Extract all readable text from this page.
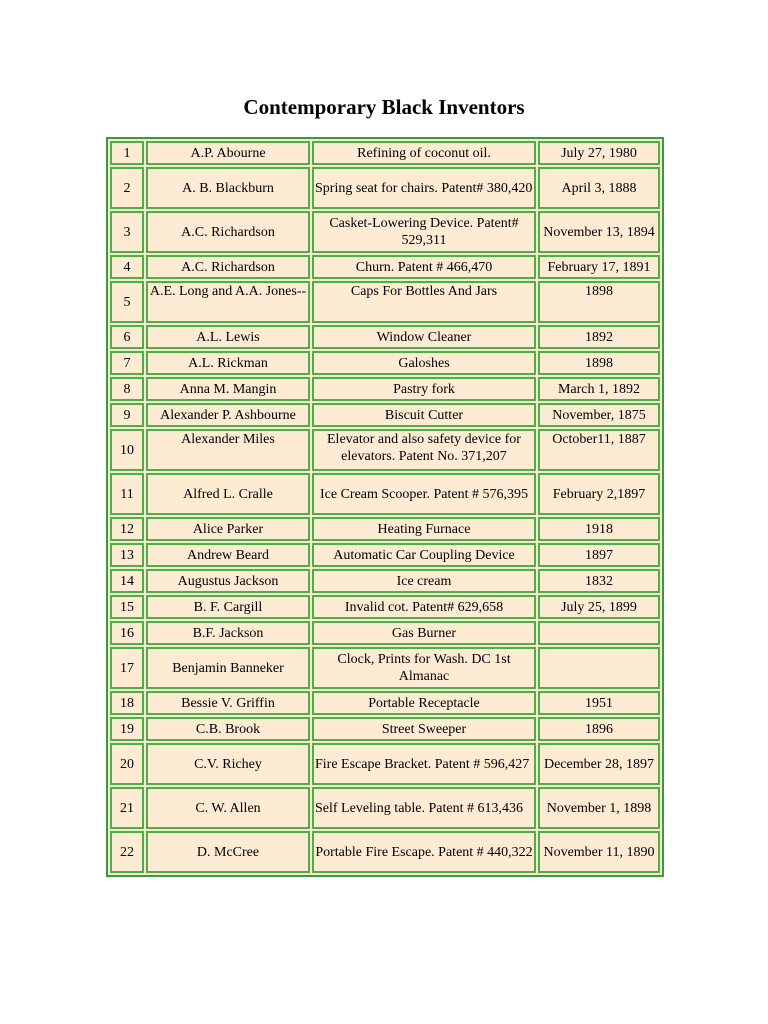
Contemporary Black Inventors
1	A.P. Abourne	Refining of coconut oil.	July 27, 1980
2	A. B. Blackburn	Spring seat for chairs. Patent# 380,420	April 3, 1888
3	A.C. Richardson	Casket-Lowering Device. Patent# 529,311	November 13, 1894
4	A.C. Richardson	Churn. Patent # 466,470	February 17, 1891
5	A.E. Long and A.A. Jones--	Caps For Bottles And Jars	1898
6	A.L. Lewis	Window Cleaner	1892
7	A.L. Rickman	Galoshes	1898
8	Anna M. Mangin	Pastry fork	March 1, 1892
9	Alexander P. Ashbourne	Biscuit Cutter	November, 1875
10	Alexander Miles	Elevator and also safety device for elevators. Patent No. 371,207	October11, 1887
11	Alfred L. Cralle	Ice Cream Scooper. Patent # 576,395	February 2,1897
12	Alice Parker	Heating Furnace	1918
13	Andrew Beard	Automatic Car Coupling Device	1897
14	Augustus Jackson	Ice cream	1832
15	B. F. Cargill	Invalid cot. Patent# 629,658	July 25, 1899
16	B.F. Jackson	Gas Burner	
17	Benjamin Banneker	Clock, Prints for Wash. DC 1st Almanac	
18	Bessie V. Griffin	Portable Receptacle	1951
19	C.B. Brook	Street Sweeper	1896
20	C.V. Richey	Fire Escape Bracket. Patent # 596,427	December 28, 1897
21	C. W. Allen	Self Leveling table. Patent # 613,436	November 1, 1898
22	D. McCree	Portable Fire Escape. Patent # 440,322	November 11, 1890
